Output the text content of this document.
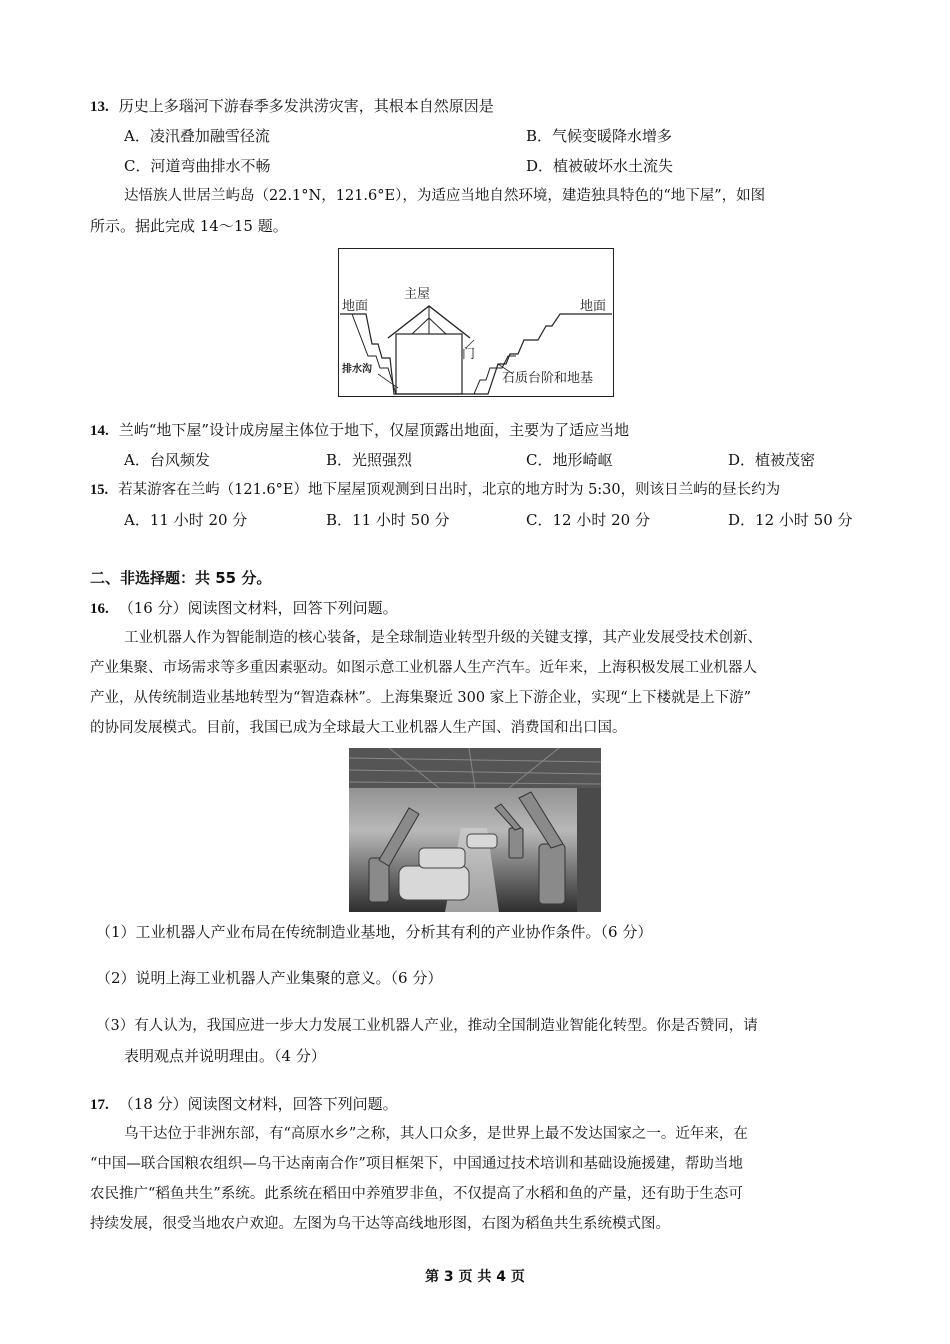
13. 历史上多瑙河下游春季多发洪涝灾害，其根本自然原因是
A．凌汛叠加融雪径流	B．气候变暖降水增多
C．河道弯曲排水不畅	D．植被破坏水土流失
达悟族人世居兰屿岛（22.1°N，121.6°E），为适应当地自然环境，建造独具特色的“地下屋”，如图
所示。据此完成 14～15 题。
主屋
地面	地面
门
排水沟
石质台阶和地基
14. 兰屿“地下屋”设计成房屋主体位于地下，仅屋顶露出地面，主要为了适应当地
A．台风频发	B．光照强烈	C．地形崎岖	D．植被茂密
15. 若某游客在兰屿（121.6°E）地下屋屋顶观测到日出时，北京的地方时为 5:30，则该日兰屿的昼长约为
A．11 小时 20 分	B．11 小时 50 分	C．12 小时 20 分	D．12 小时 50 分
二、非选择题：共 55 分。
16. （16 分）阅读图文材料，回答下列问题。
工业机器人作为智能制造的核心装备，是全球制造业转型升级的关键支撑，其产业发展受技术创新、
产业集聚、市场需求等多重因素驱动。如图示意工业机器人生产汽车。近年来，上海积极发展工业机器人
产业，从传统制造业基地转型为“智造森林”。上海集聚近 300 家上下游企业，实现“上下楼就是上下游”
的协同发展模式。目前，我国已成为全球最大工业机器人生产国、消费国和出口国。
（1）工业机器人产业布局在传统制造业基地，分析其有利的产业协作条件。（6 分）
（2）说明上海工业机器人产业集聚的意义。（6 分）
（3）有人认为，我国应进一步大力发展工业机器人产业，推动全国制造业智能化转型。你是否赞同，请
表明观点并说明理由。（4 分）
17. （18 分）阅读图文材料，回答下列问题。
乌干达位于非洲东部，有“高原水乡”之称，其人口众多，是世界上最不发达国家之一。近年来，在
“中国—联合国粮农组织—乌干达南南合作”项目框架下，中国通过技术培训和基础设施援建，帮助当地
农民推广“稻鱼共生”系统。此系统在稻田中养殖罗非鱼，不仅提高了水稻和鱼的产量，还有助于生态可
持续发展，很受当地农户欢迎。左图为乌干达等高线地形图，右图为稻鱼共生系统模式图。
第 3 页 共 4 页
